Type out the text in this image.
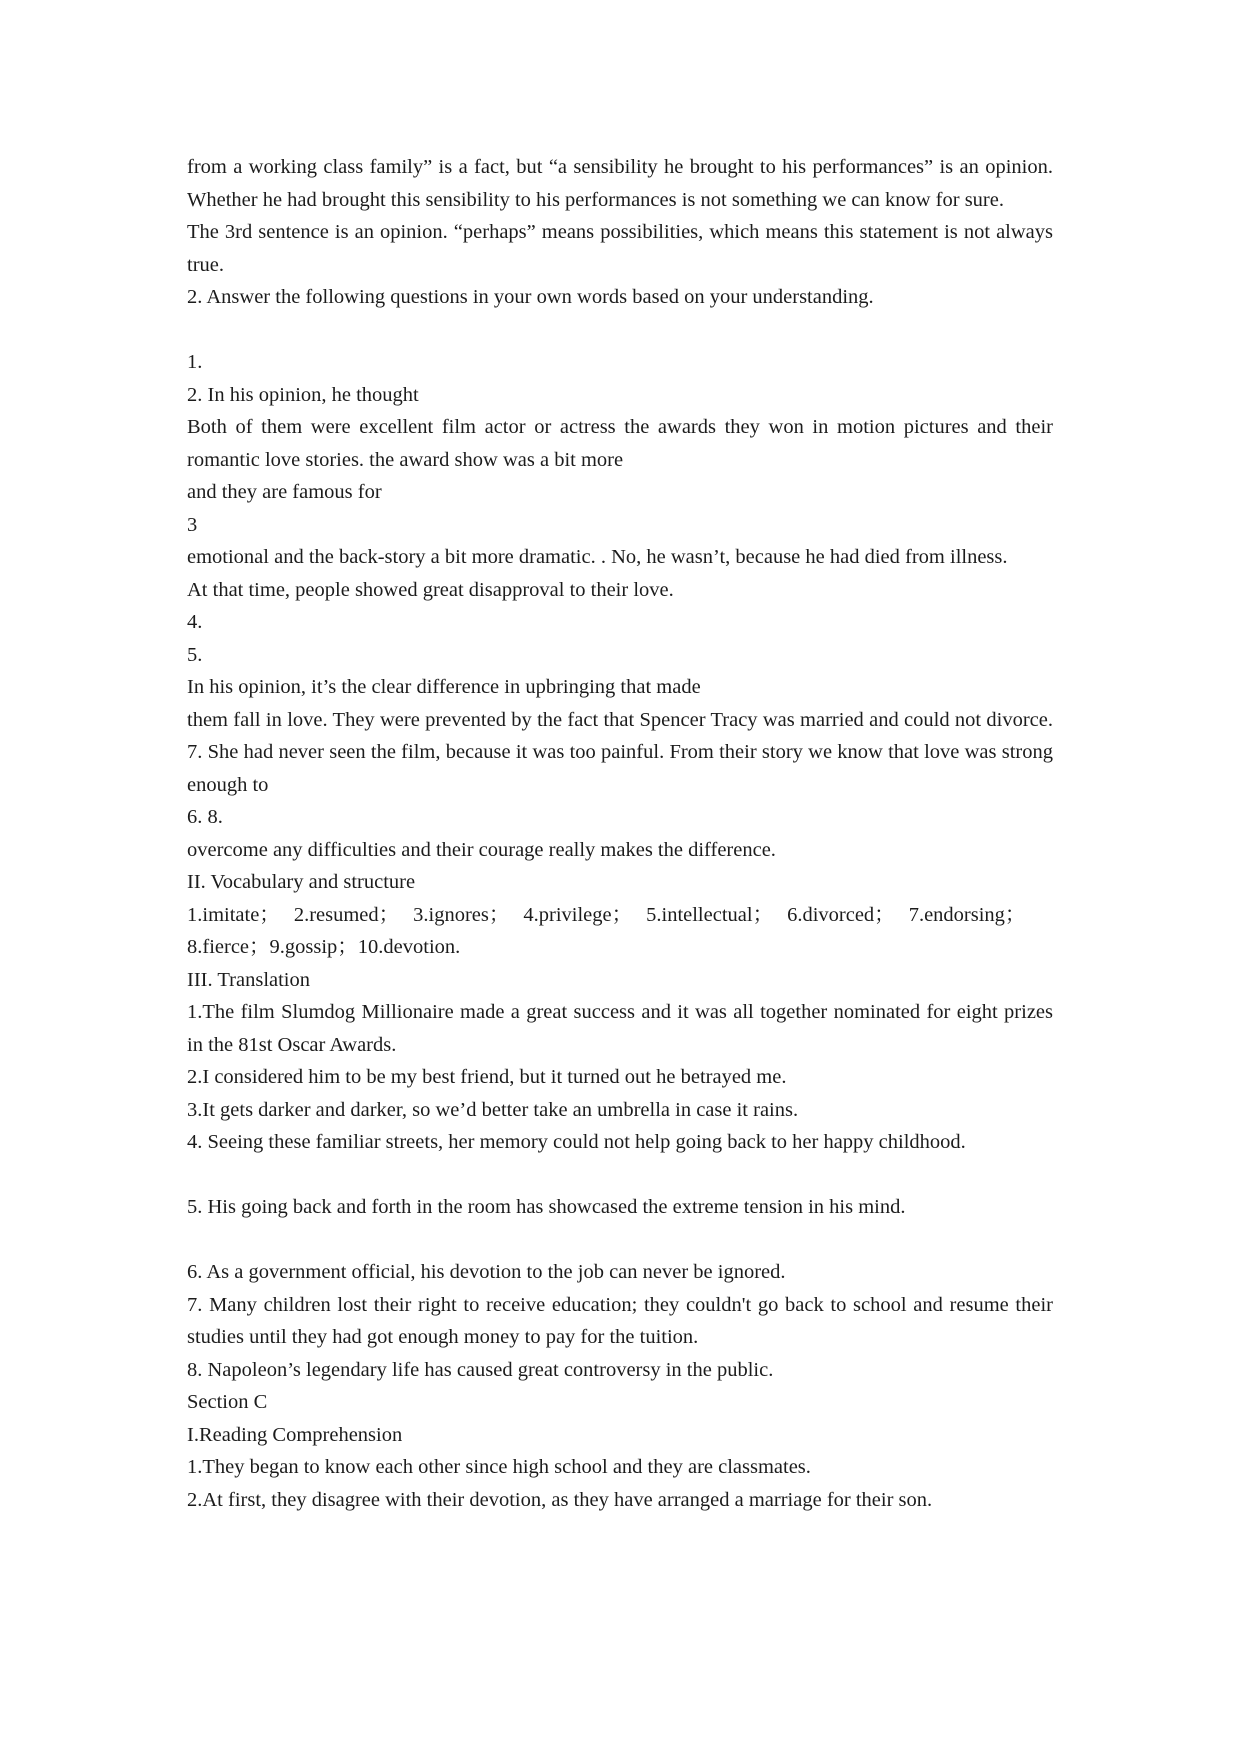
from a working class family” is a fact, but “a sensibility he brought to his performances” is an opinion. Whether he had brought this sensibility to his performances is not something we can know for sure.

The 3rd sentence is an opinion. “perhaps” means possibilities, which means this statement is not always true.

2. Answer the following questions in your own words based on your understanding.

1.

2. In his opinion, he thought

Both of them were excellent film actor or actress the awards they won in motion pictures and their romantic love stories. the award show was a bit more

and they are famous for

3

emotional and the back-story a bit more dramatic. . No, he wasn’t, because he had died from illness.

At that time, people showed great disapproval to their love.

4.

5.

In his opinion, it’s the clear difference in upbringing that made

them fall in love. They were prevented by the fact that Spencer Tracy was married and could not divorce. 7. She had never seen the film, because it was too painful. From their story we know that love was strong enough to

6. 8.

overcome any difficulties and their courage really makes the difference.

II. Vocabulary and structure

1.imitate； 2.resumed； 3.ignores； 4.privilege； 5.intellectual； 6.divorced； 7.endorsing；

8.fierce；9.gossip；10.devotion.

III. Translation

1.The film Slumdog Millionaire made a great success and it was all together nominated for eight prizes in the 81st Oscar Awards.

2.I considered him to be my best friend, but it turned out he betrayed me.

3.It gets darker and darker, so we’d better take an umbrella in case it rains.

4. Seeing these familiar streets, her memory could not help going back to her happy childhood.

5. His going back and forth in the room has showcased the extreme tension in his mind.

6. As a government official, his devotion to the job can never be ignored.

7. Many children lost their right to receive education; they couldn't go back to school and resume their studies until they had got enough money to pay for the tuition.

8. Napoleon’s legendary life has caused great controversy in the public.

Section C

I.Reading Comprehension

1.They began to know each other since high school and they are classmates.

2.At first, they disagree with their devotion, as they have arranged a marriage for their son.
